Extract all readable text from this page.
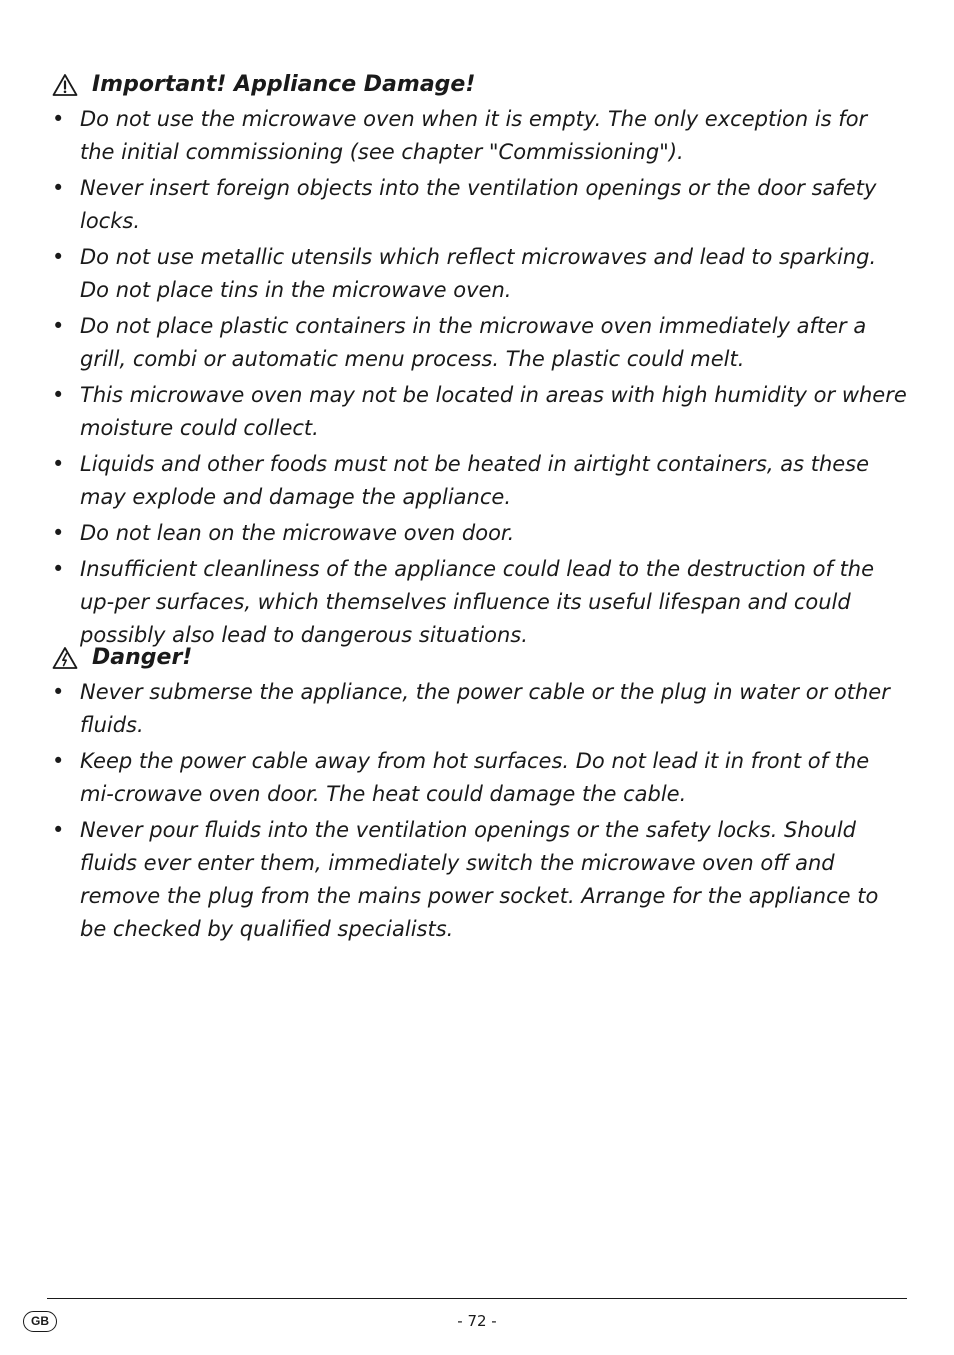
Important! Appliance Damage!
• Do not use the microwave oven when it is empty. The only exception is for the initial commissioning (see chapter "Commissioning").
• Never insert foreign objects into the ventilation openings or the door safety locks.
• Do not use metallic utensils which reflect microwaves and lead to sparking. Do not place tins in the microwave oven.
• Do not place plastic containers in the microwave oven immediately after a grill, combi or automatic menu process. The plastic could melt.
• This microwave oven may not be located in areas with high humidity or where moisture could collect.
• Liquids and other foods must not be heated in airtight containers, as these may explode and damage the appliance.
• Do not lean on the microwave oven door.
• Insufficient cleanliness of the appliance could lead to the destruction of the up-per surfaces, which themselves influence its useful lifespan and could possibly also lead to dangerous situations.
Danger!
• Never submerse the appliance, the power cable or the plug in water or other fluids.
• Keep the power cable away from hot surfaces. Do not lead it in front of the mi-crowave oven door. The heat could damage the cable.
• Never pour fluids into the ventilation openings or the safety locks. Should fluids ever enter them, immediately switch the microwave oven off and remove the plug from the mains power socket. Arrange for the appliance to be checked by qualified specialists.
GB	- 72 -
